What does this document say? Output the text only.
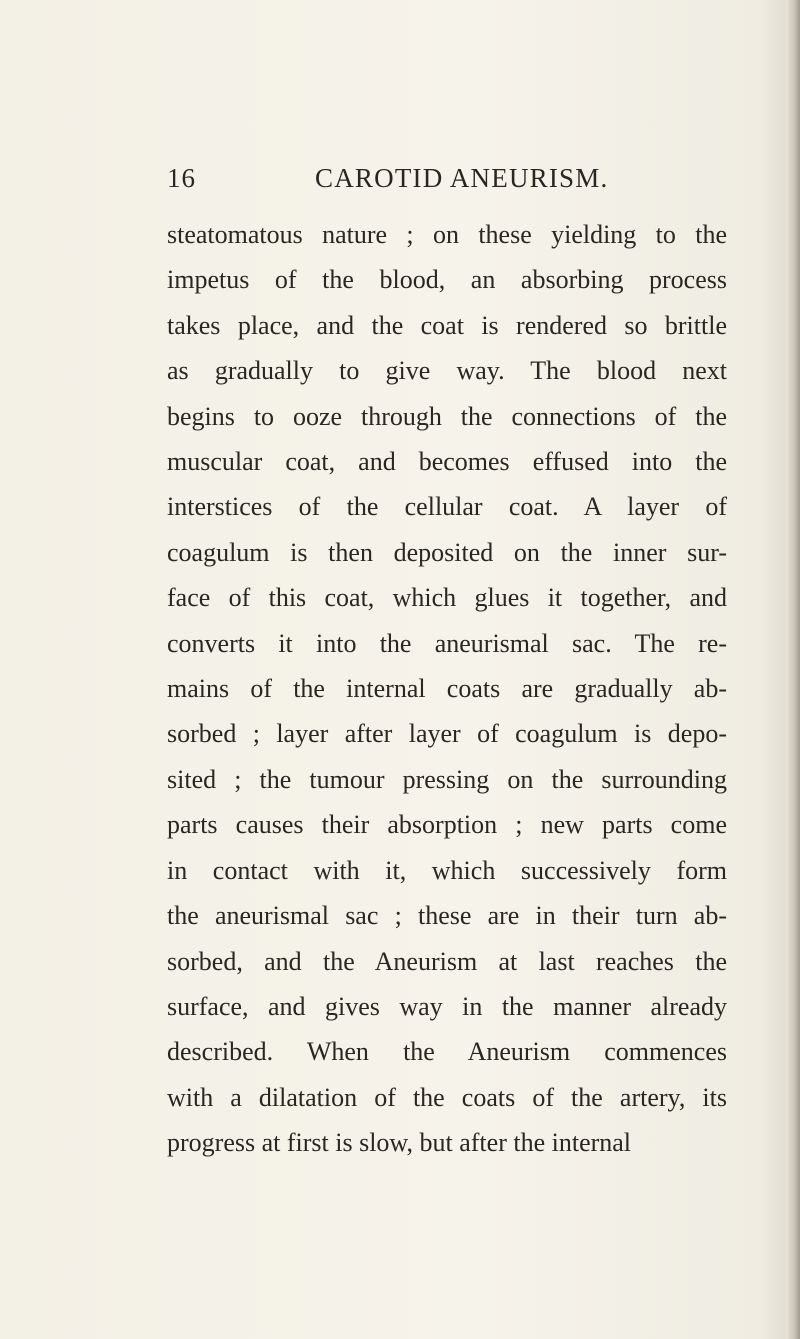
16	CAROTID ANEURISM.
steatomatous nature ; on these yielding to the
impetus of the blood, an absorbing process
takes place, and the coat is rendered so brittle
as gradually to give way. The blood next
begins to ooze through the connections of the
muscular coat, and becomes effused into the
interstices of the cellular coat. A layer of
coagulum is then deposited on the inner sur-
face of this coat, which glues it together, and
converts it into the aneurismal sac. The re-
mains of the internal coats are gradually ab-
sorbed ; layer after layer of coagulum is depo-
sited ; the tumour pressing on the surrounding
parts causes their absorption ; new parts come
in contact with it, which successively form
the aneurismal sac ; these are in their turn ab-
sorbed, and the Aneurism at last reaches the
surface, and gives way in the manner already
described. When the Aneurism commences
with a dilatation of the coats of the artery, its
progress at first is slow, but after the internal
